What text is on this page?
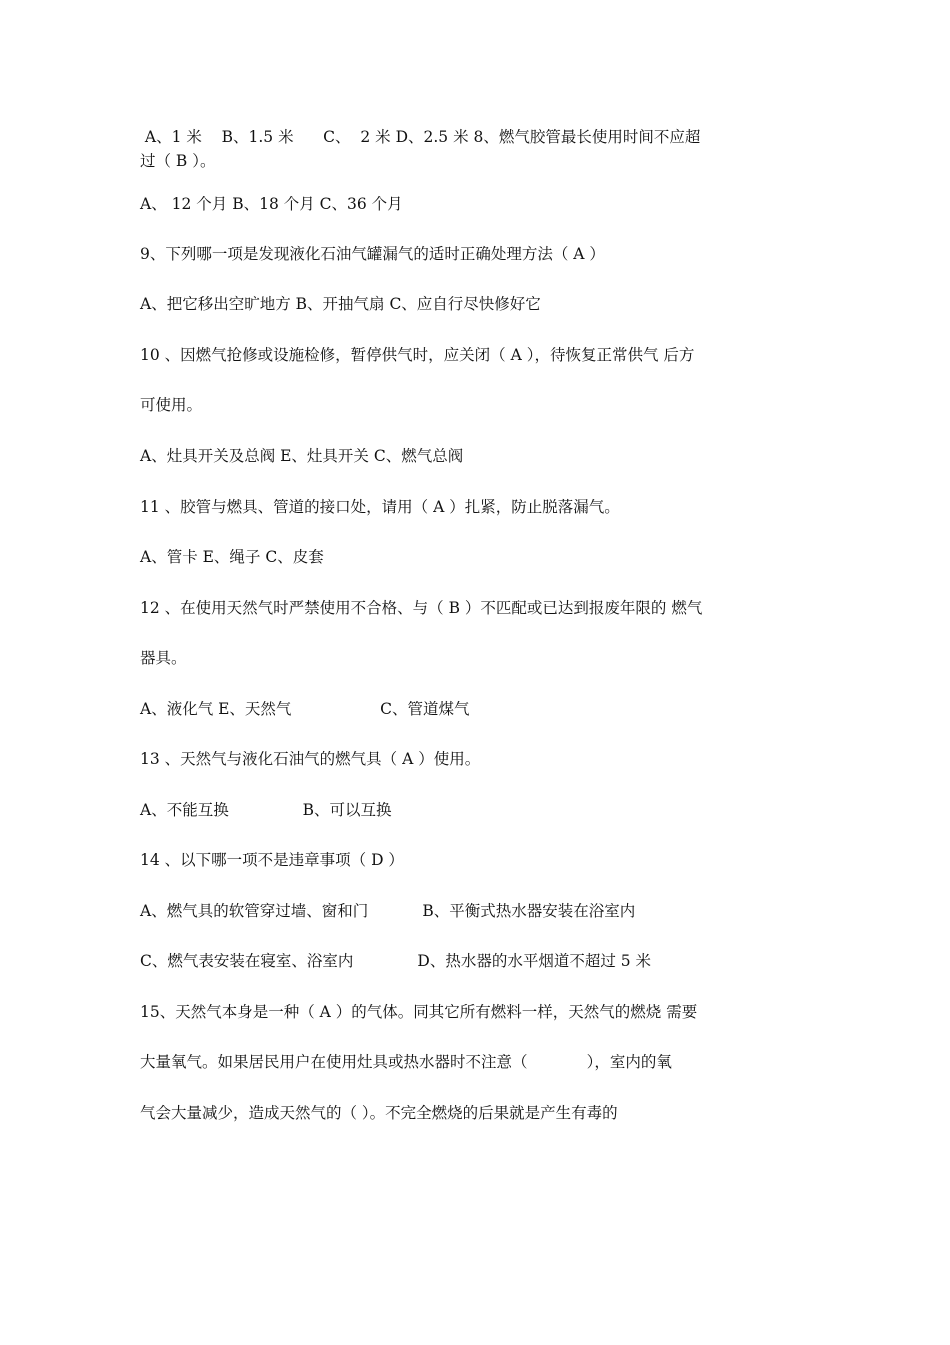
A、1 米    B、1.5 米      C、  2 米 D、2.5 米 8、燃气胶管最长使用时间不应超

过（ B ）。

A、 12 个月 B、18 个月 C、36 个月

9、下列哪一项是发现液化石油气罐漏气的适时正确处理方法（ A ）

A、把它移出空旷地方 B、开抽气扇 C、应自行尽快修好它

10 、因燃气抢修或设施检修，暂停供气时，应关闭（ A ），待恢复正常供气 后方

可使用。

A、灶具开关及总阀 E、灶具开关 C、燃气总阀

11 、胶管与燃具、管道的接口处，请用（ A ）扎紧，防止脱落漏气。

A、管卡 E、绳子 C、皮套

12 、在使用天然气时严禁使用不合格、与（ B ）不匹配或已达到报废年限的 燃气

器具。

A、液化气 E、天然气                  C、管道煤气

13 、天然气与液化石油气的燃气具（ A ）使用。

A、不能互换               B、可以互换

14 、以下哪一项不是违章事项（ D ）

A、燃气具的软管穿过墙、窗和门           B、平衡式热水器安装在浴室内

C、燃气表安装在寝室、浴室内             D、热水器的水平烟道不超过 5 米

15、天然气本身是一种（ A ）的气体。同其它所有燃料一样，天然气的燃烧 需要

大量氧气。如果居民用户在使用灶具或热水器时不注意（            ），室内的氧

气会大量减少，造成天然气的（ ）。不完全燃烧的后果就是产生有毒的
